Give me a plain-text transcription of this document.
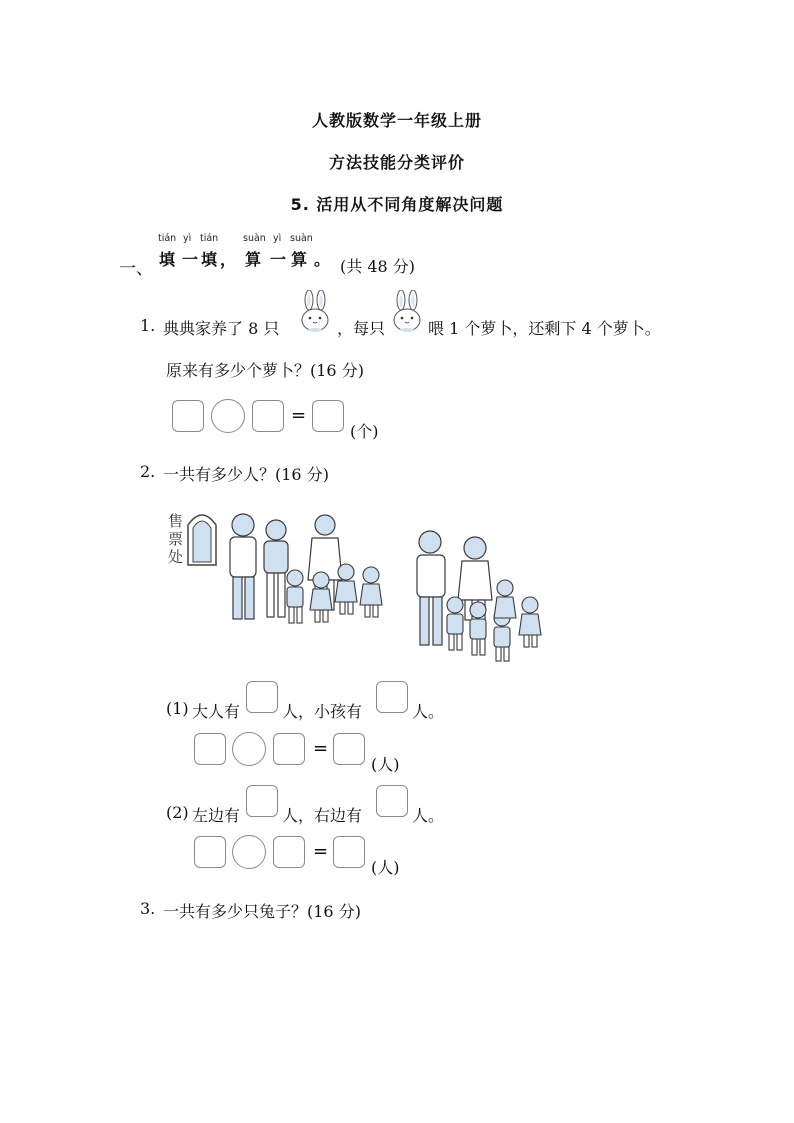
人教版数学一年级上册
方法技能分类评价
5. 活用从不同角度解决问题
一、
tián yì tián	suàn yì suàn
填 一 填 ， 算 一 算 。 (共 48 分)
1. 典典家养了 8 只	，每只	喂 1 个萝卜，还剩下 4 个萝卜。
原来有多少个萝卜？(16 分)
=
(个)
2. 一共有多少人？(16 分)
售
票
处
(1) 大人有	人，小孩有	人。
=
(人)
(2) 左边有	人，右边有	人。
=
(人)
3. 一共有多少只兔子？(16 分)
